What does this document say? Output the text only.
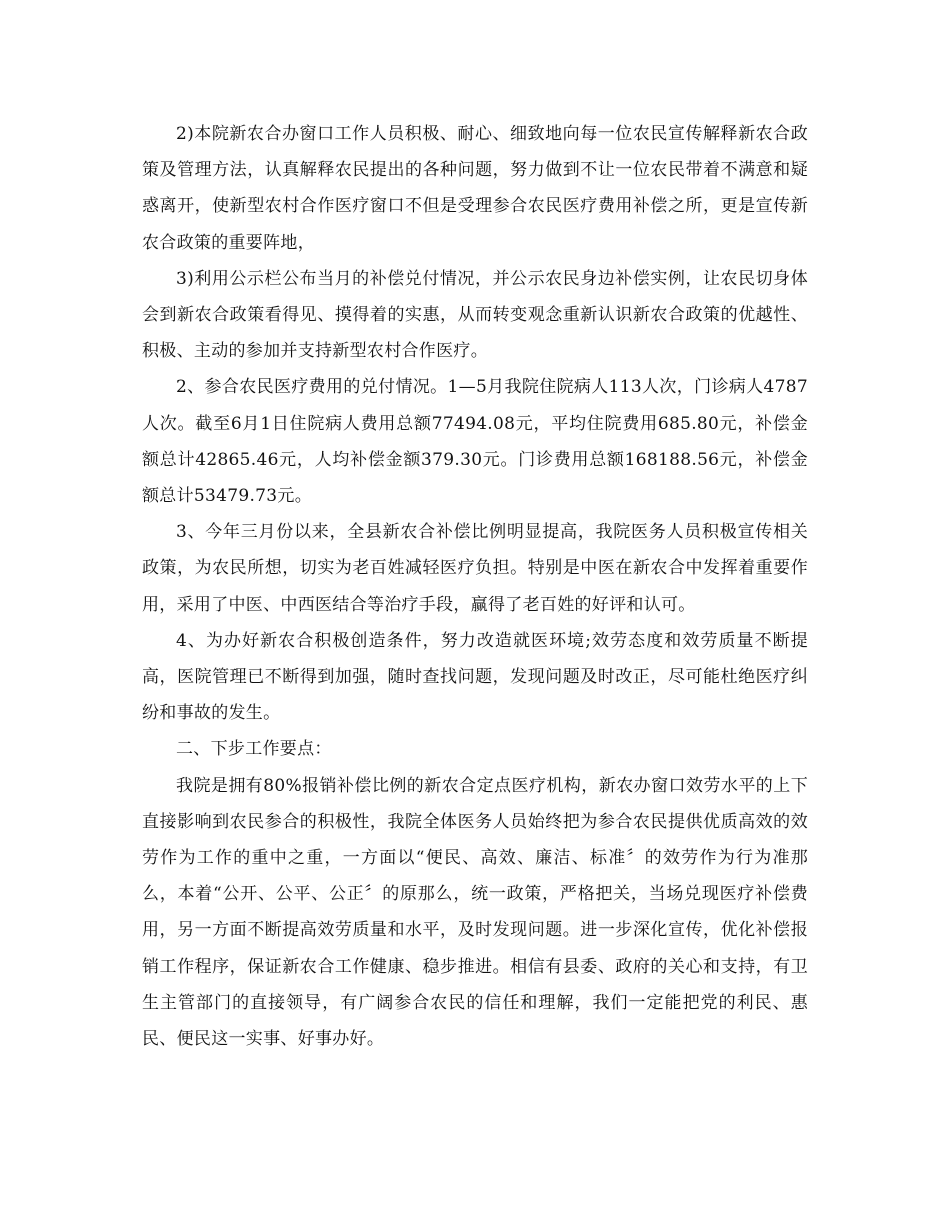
2)本院新农合办窗口工作人员积极、耐心、细致地向每一位农民宣传解释新农合政策及管理方法，认真解释农民提出的各种问题，努力做到不让一位农民带着不满意和疑惑离开，使新型农村合作医疗窗口不但是受理参合农民医疗费用补偿之所，更是宣传新农合政策的重要阵地，

3)利用公示栏公布当月的补偿兑付情况，并公示农民身边补偿实例，让农民切身体会到新农合政策看得见、摸得着的实惠，从而转变观念重新认识新农合政策的优越性、积极、主动的参加并支持新型农村合作医疗。

2、参合农民医疗费用的兑付情况。1—5月我院住院病人113人次，门诊病人4787人次。截至6月1日住院病人费用总额77494.08元，平均住院费用685.80元，补偿金额总计42865.46元，人均补偿金额379.30元。门诊费用总额168188.56元，补偿金额总计53479.73元。

3、今年三月份以来，全县新农合补偿比例明显提高，我院医务人员积极宣传相关政策，为农民所想，切实为老百姓减轻医疗负担。特别是中医在新农合中发挥着重要作用，采用了中医、中西医结合等治疗手段，赢得了老百姓的好评和认可。

4、为办好新农合积极创造条件，努力改造就医环境;效劳态度和效劳质量不断提高，医院管理已不断得到加强，随时查找问题，发现问题及时改正，尽可能杜绝医疗纠纷和事故的发生。

二、下步工作要点：

我院是拥有80%报销补偿比例的新农合定点医疗机构，新农办窗口效劳水平的上下直接影响到农民参合的积极性，我院全体医务人员始终把为参合农民提供优质高效的效劳作为工作的重中之重，一方面以“便民、高效、廉洁、标准〞的效劳作为行为准那么，本着“公开、公平、公正〞的原那么，统一政策，严格把关，当场兑现医疗补偿费用，另一方面不断提高效劳质量和水平，及时发现问题。进一步深化宣传，优化补偿报销工作程序，保证新农合工作健康、稳步推进。相信有县委、政府的关心和支持，有卫生主管部门的直接领导，有广阔参合农民的信任和理解，我们一定能把党的利民、惠民、便民这一实事、好事办好。
